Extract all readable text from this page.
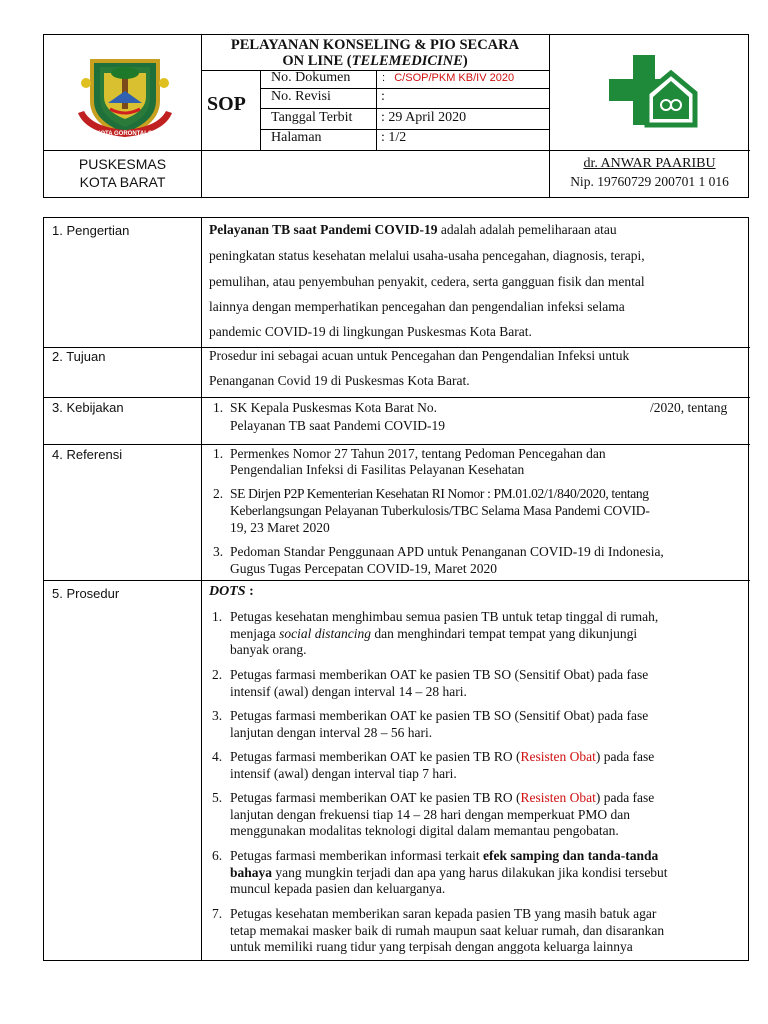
KOTA GORONTALO
PELAYANAN KONSELING & PIO SECARA
ON LINE (TELEMEDICINE)
SOP
No. Dokumen	:   C/SOP/PKM KB/IV 2020
No. Revisi	:
Tanggal Terbit : 29 April 2020
Halaman	: 1/2
PUSKESMAS
KOTA BARAT
dr. ANWAR PAARIBU
Nip. 19760729 200701 1 016
1. Pengertian	Pelayanan TB saat Pandemi COVID-19 adalah adalah pemeliharaan atau
peningkatan status kesehatan melalui usaha-usaha pencegahan, diagnosis, terapi,
pemulihan, atau penyembuhan penyakit, cedera, serta gangguan fisik dan mental
lainnya dengan memperhatikan pencegahan dan pengendalian infeksi selama
pandemic COVID-19 di lingkungan Puskesmas Kota Barat.
2. Tujuan	Prosedur ini sebagai acuan untuk Pencegahan dan Pengendalian Infeksi untuk
Penanganan Covid 19 di Puskesmas Kota Barat.
3. Kebijakan	1. SK Kepala Puskesmas Kota Barat No.	/2020, tentang
Pelayanan TB saat Pandemi COVID-19
4. Referensi	1. Permenkes Nomor 27 Tahun 2017, tentang Pedoman Pencegahan dan
Pengendalian Infeksi di Fasilitas Pelayanan Kesehatan
2. SE Dirjen P2P Kementerian Kesehatan RI Nomor : PM.01.02/1/840/2020, tentang
Keberlangsungan Pelayanan Tuberkulosis/TBC Selama Masa Pandemi COVID-
19, 23 Maret 2020
3. Pedoman Standar Penggunaan APD untuk Penanganan COVID-19 di Indonesia,
Gugus Tugas Percepatan COVID-19, Maret 2020
5. Prosedur	DOTS :
1. Petugas kesehatan menghimbau semua pasien TB untuk tetap tinggal di rumah,
menjaga social distancing dan menghindari tempat tempat yang dikunjungi
banyak orang.
2. Petugas farmasi memberikan OAT ke pasien TB SO (Sensitif Obat) pada fase
intensif (awal) dengan interval 14 – 28 hari.
3. Petugas farmasi memberikan OAT ke pasien TB SO (Sensitif Obat) pada fase
lanjutan dengan interval 28 – 56 hari.
4. Petugas farmasi memberikan OAT ke pasien TB RO (Resisten Obat) pada fase
intensif (awal) dengan interval tiap 7 hari.
5. Petugas farmasi memberikan OAT ke pasien TB RO (Resisten Obat) pada fase
lanjutan dengan frekuensi tiap 14 – 28 hari dengan memperkuat PMO dan
menggunakan modalitas teknologi digital dalam memantau pengobatan.
6. Petugas farmasi memberikan informasi terkait efek samping dan tanda-tanda
bahaya yang mungkin terjadi dan apa yang harus dilakukan jika kondisi tersebut
muncul kepada pasien dan keluarganya.
7. Petugas kesehatan memberikan saran kepada pasien TB yang masih batuk agar
tetap memakai masker baik di rumah maupun saat keluar rumah, dan disarankan
untuk memiliki ruang tidur yang terpisah dengan anggota keluarga lainnya
